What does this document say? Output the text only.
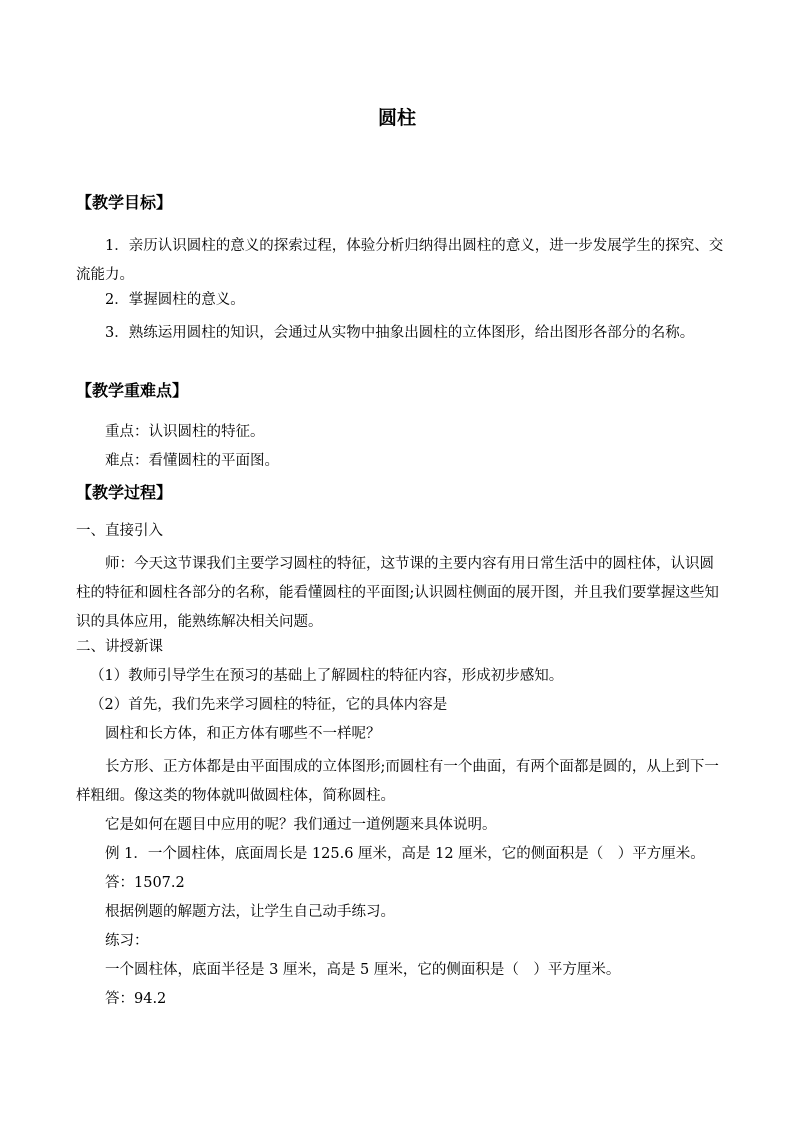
圆柱
【教学目标】
1．亲历认识圆柱的意义的探索过程，体验分析归纳得出圆柱的意义，进一步发展学生的探究、交流能力。
2．掌握圆柱的意义。
3．熟练运用圆柱的知识，会通过从实物中抽象出圆柱的立体图形，给出图形各部分的名称。
【教学重难点】
重点：认识圆柱的特征。
难点：看懂圆柱的平面图。
【教学过程】
一、直接引入
师：今天这节课我们主要学习圆柱的特征，这节课的主要内容有用日常生活中的圆柱体，认识圆柱的特征和圆柱各部分的名称，能看懂圆柱的平面图;认识圆柱侧面的展开图，并且我们要掌握这些知识的具体应用，能熟练解决相关问题。
二、讲授新课
（1）教师引导学生在预习的基础上了解圆柱的特征内容，形成初步感知。
（2）首先，我们先来学习圆柱的特征，它的具体内容是
圆柱和长方体，和正方体有哪些不一样呢？
长方形、正方体都是由平面围成的立体图形;而圆柱有一个曲面，有两个面都是圆的，从上到下一样粗细。像这类的物体就叫做圆柱体，简称圆柱。
它是如何在题目中应用的呢？我们通过一道例题来具体说明。
例 1．一个圆柱体，底面周长是 125.6 厘米，高是 12 厘米，它的侧面积是（　）平方厘米。
答：1507.2
根据例题的解题方法，让学生自己动手练习。
练习：
一个圆柱体，底面半径是 3 厘米，高是 5 厘米，它的侧面积是（　）平方厘米。
答：94.2
